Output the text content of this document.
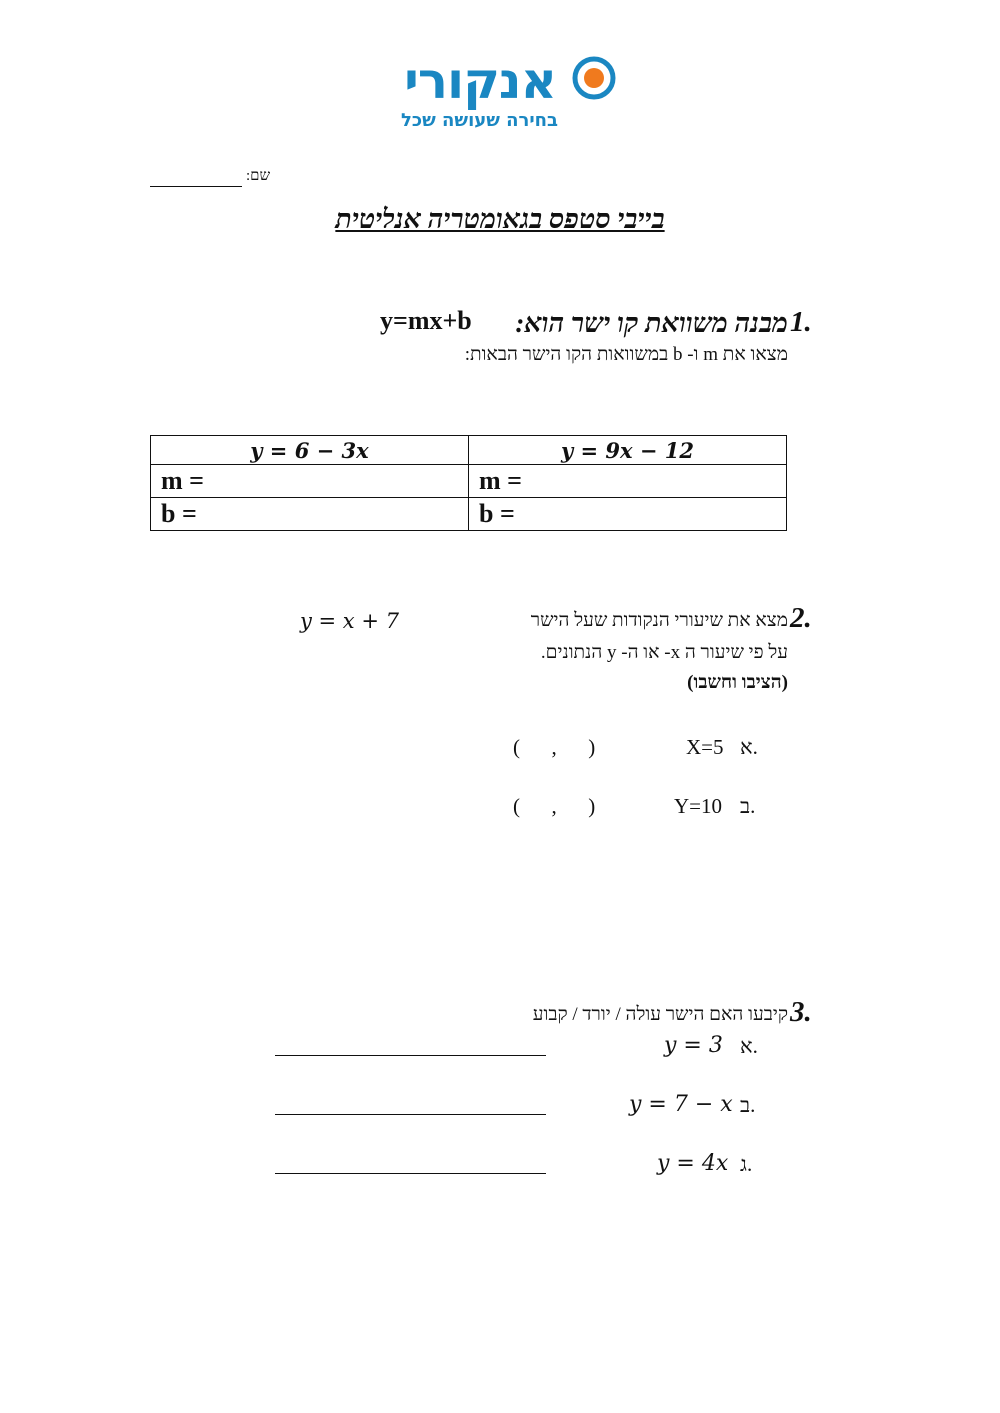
אנקורי
בחירה שעושה שכל
שם:
בייבי סטפס בגאומטריה אנליטית
1.
מבנה משוואת קו ישר הוא:
y=mx+b
מצאו את m ו- b במשוואות הקו הישר הבאות:
y = 6 − 3x	y = 9x − 12
m =	m =
b =	b =
2.
מצא את שיעורי הנקודות שעל הישר
y = x + 7
על פי שיעור ה x- או ה- y הנתונים.
(הציבו וחשבו)
א.
X=5
(      ,      )
ב.
Y=10
(      ,      )
3.
קיבעו האם הישר עולה / יורד / קבוע
א.
y = 3
ב.
y = 7 − x
ג.
y = 4x
